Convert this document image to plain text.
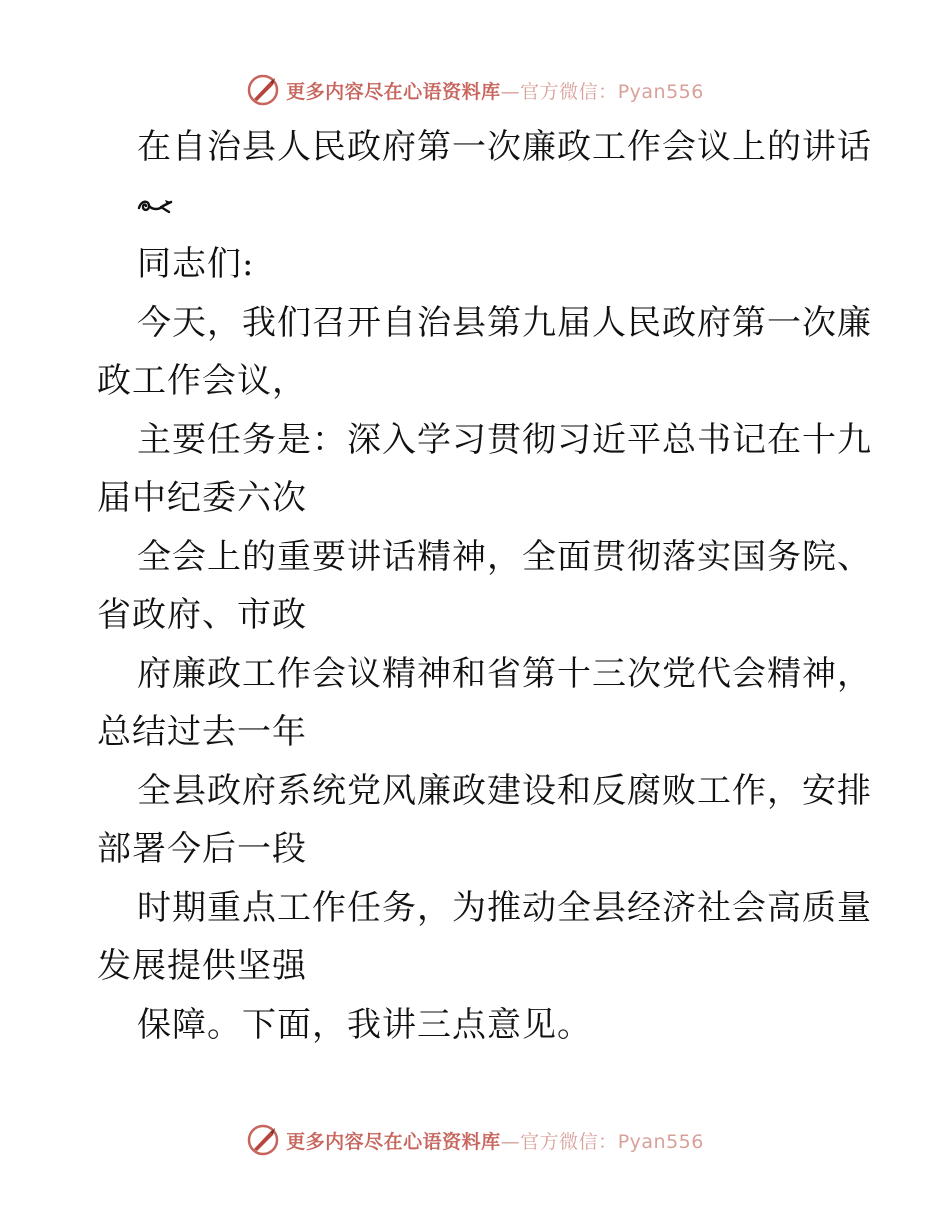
更多内容尽在心语资料库—官方微信：Pyan556
在自治县人民政府第一次廉政工作会议上的讲话
同志们:
今天，我们召开自治县第九届人民政府第一次廉
政工作会议，
主要任务是：深入学习贯彻习近平总书记在十九
届中纪委六次
全会上的重要讲话精神，全面贯彻落实国务院、
省政府、市政
府廉政工作会议精神和省第十三次党代会精神，
总结过去一年
全县政府系统党风廉政建设和反腐败工作，安排
部署今后一段
时期重点工作任务，为推动全县经济社会高质量
发展提供坚强
保障。下面，我讲三点意见。
更多内容尽在心语资料库—官方微信：Pyan556
